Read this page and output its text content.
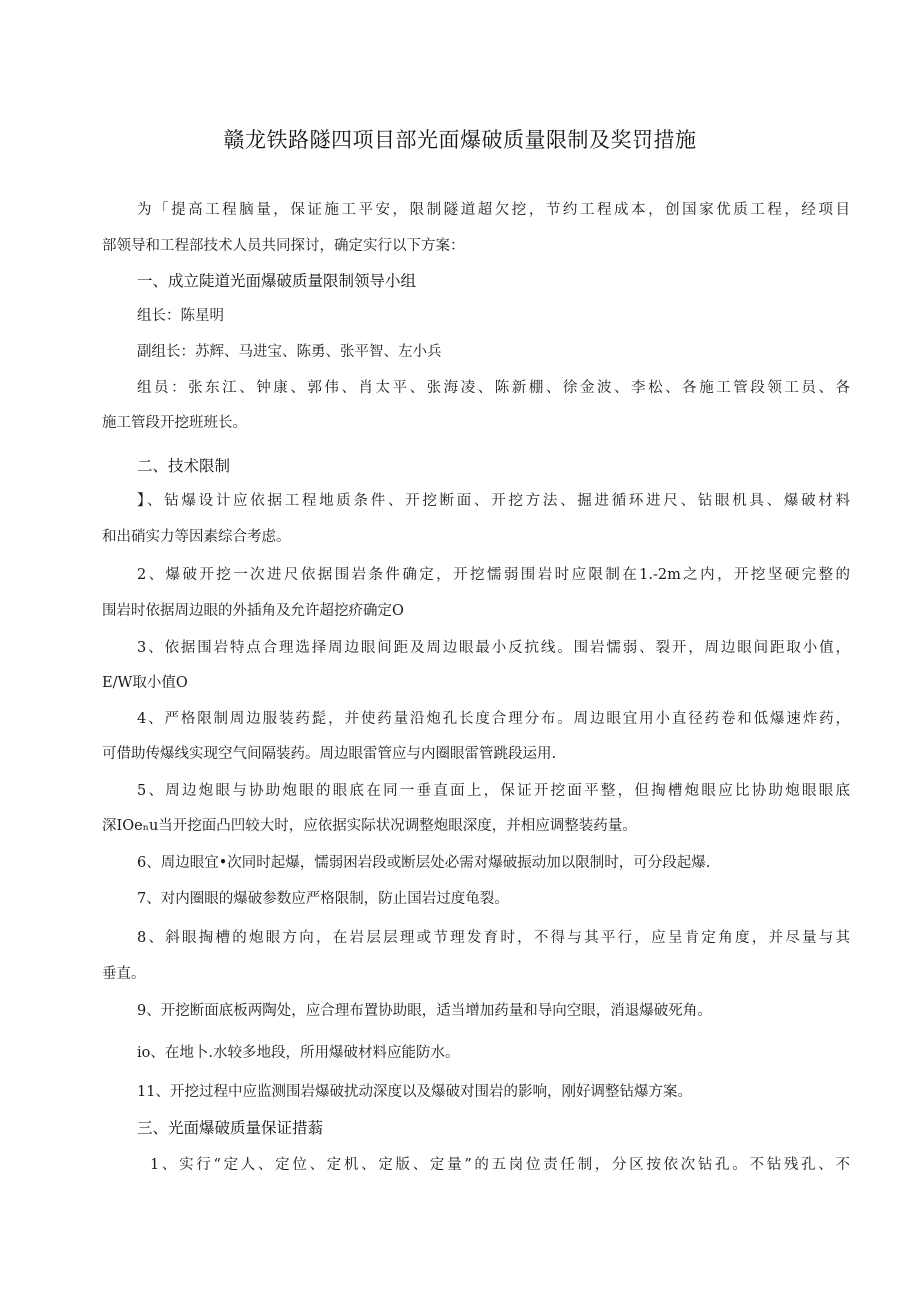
赣龙铁路隧四项目部光面爆破质量限制及奖罚措施
为「提高工程脑量，保证施工平安，限制隧道超欠挖，节约工程成本，创国家优质工程，经项目
部领导和工程部技术人员共同探讨，确定实行以下方案：
一、成立陡道光面爆破质量限制领导小组
组长：陈星明
副组长：苏辉、马进宝、陈勇、张平智、左小兵
组员：张东江、钟康、郭伟、肖太平、张海凌、陈新棚、徐金波、李松、各施工管段领工员、各
施工管段开挖班班长。
二、技术限制
】、钻爆设计应依据工程地质条件、开挖断面、开挖方法、掘进循环进尺、钻眼机具、爆破材料
和出硝实力等因素综合考虑。
2、爆破开挖一次进尺依据围岩条件确定，开挖懦弱围岩时应限制在1.-2m之内，开挖坚硬完整的
围岩时依据周边眼的外插角及允许超挖疥确定O
3、依据围岩特点合理选择周边眼间距及周边眼最小反抗线。围岩懦弱、裂开，周边眼间距取小值，
E/W取小值O
4、严格限制周边服装药髭，并使药量沿炮孔长度合理分布。周边眼宜用小直径药卷和低爆速炸药，
可借助传爆线实现空气间隔装药。周边眼雷管应与内圈眼雷管跳段运用.
5、周边炮眼与协助炮眼的眼底在同一垂直面上，保证开挖面平整，但掏槽炮眼应比协助炮眼眼底
深IOeₙu当开挖面凸凹较大时，应依据实际状况调整炮眼深度，并相应调整装药量。
6、周边眼宜•次同时起爆，懦弱困岩段或断层处必需对爆破振动加以限制时，可分段起爆.
7、对内圈眼的爆破参数应严格限制，防止国岩过度龟裂。
8、斜眼掏槽的炮眼方向，在岩层层理或节理发育时，不得与其平行，应呈肯定角度，并尽量与其
垂直。
9、开挖断面底板两陶处，应合理布置协助眼，适当增加药量和导向空眼，消退爆破死角。
io、在地卜.水较多地段，所用爆破材料应能防水。
11、开挖过程中应监测围岩爆破扰动深度以及爆破对围岩的影响，刚好调整钻爆方案。
三、光面爆破质量保证措蓊
1、实行“定人、定位、定机、定版、定量”的五岗位责任制，分区按依次钻孔。不钻残孔、不
